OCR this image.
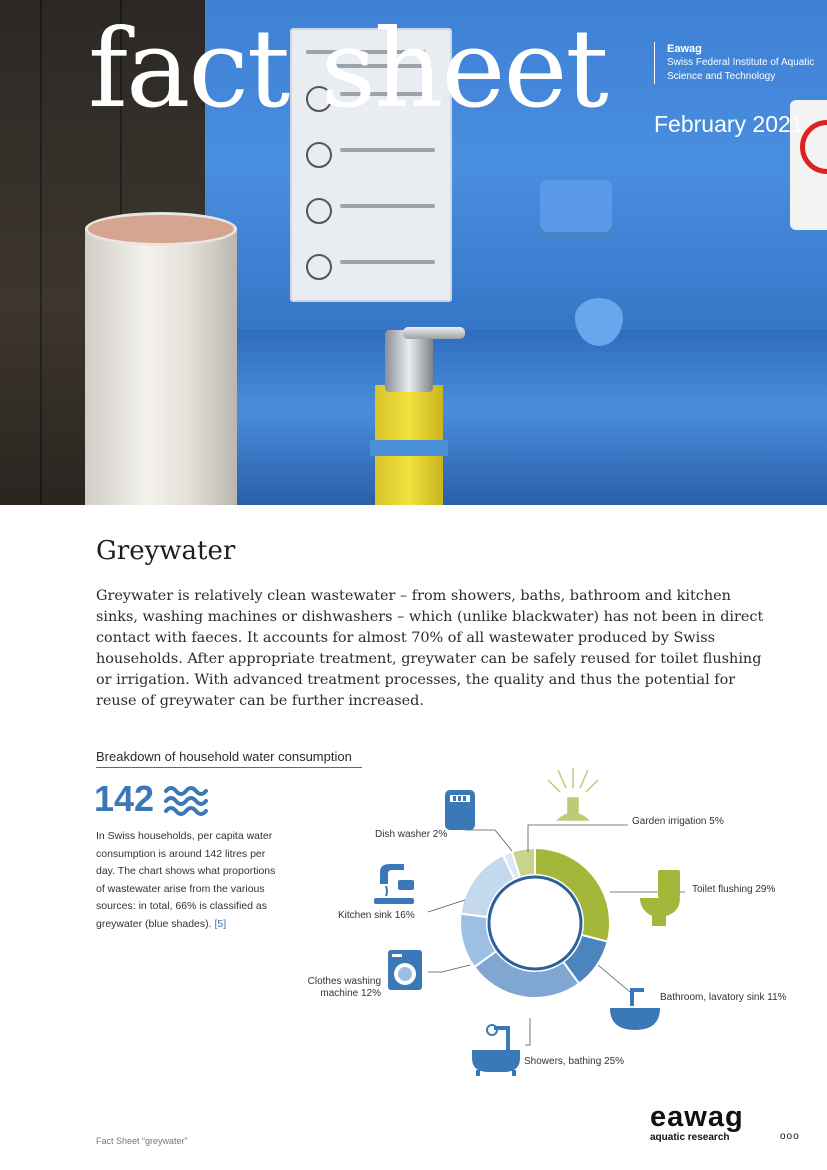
fact sheet	Eawag
Swiss Federal Institute of Aquatic Science and Technology
February 2021
Greywater

Greywater is relatively clean wastewater – from showers, baths, bathroom and kitchen sinks, washing machines or dishwashers – which (unlike blackwater) has not been in direct contact with faeces. It accounts for almost 70% of all wastewater produced by Swiss households. After appropriate treatment, greywater can be safely reused for toilet flushing or irrigation. With advanced treatment processes, the quality and thus the potential for reuse of greywater can be further increased.

Breakdown of household water consumption
142

In Swiss households, per capita water consumption is around 142 litres per day. The chart shows what proportions of wastewater arise from the various sources: in total, 66% is classified as greywater (blue shades). [5]

Dish washer 2%
Garden irrigation 5%
Toilet flushing 29%
Kitchen sink 16%
Clothes washing
machine 12%	Bathroom, lavatory sink 11%
Showers, bathing 25%
Fact Sheet “greywater”
eawag
aquatic research	ooo
